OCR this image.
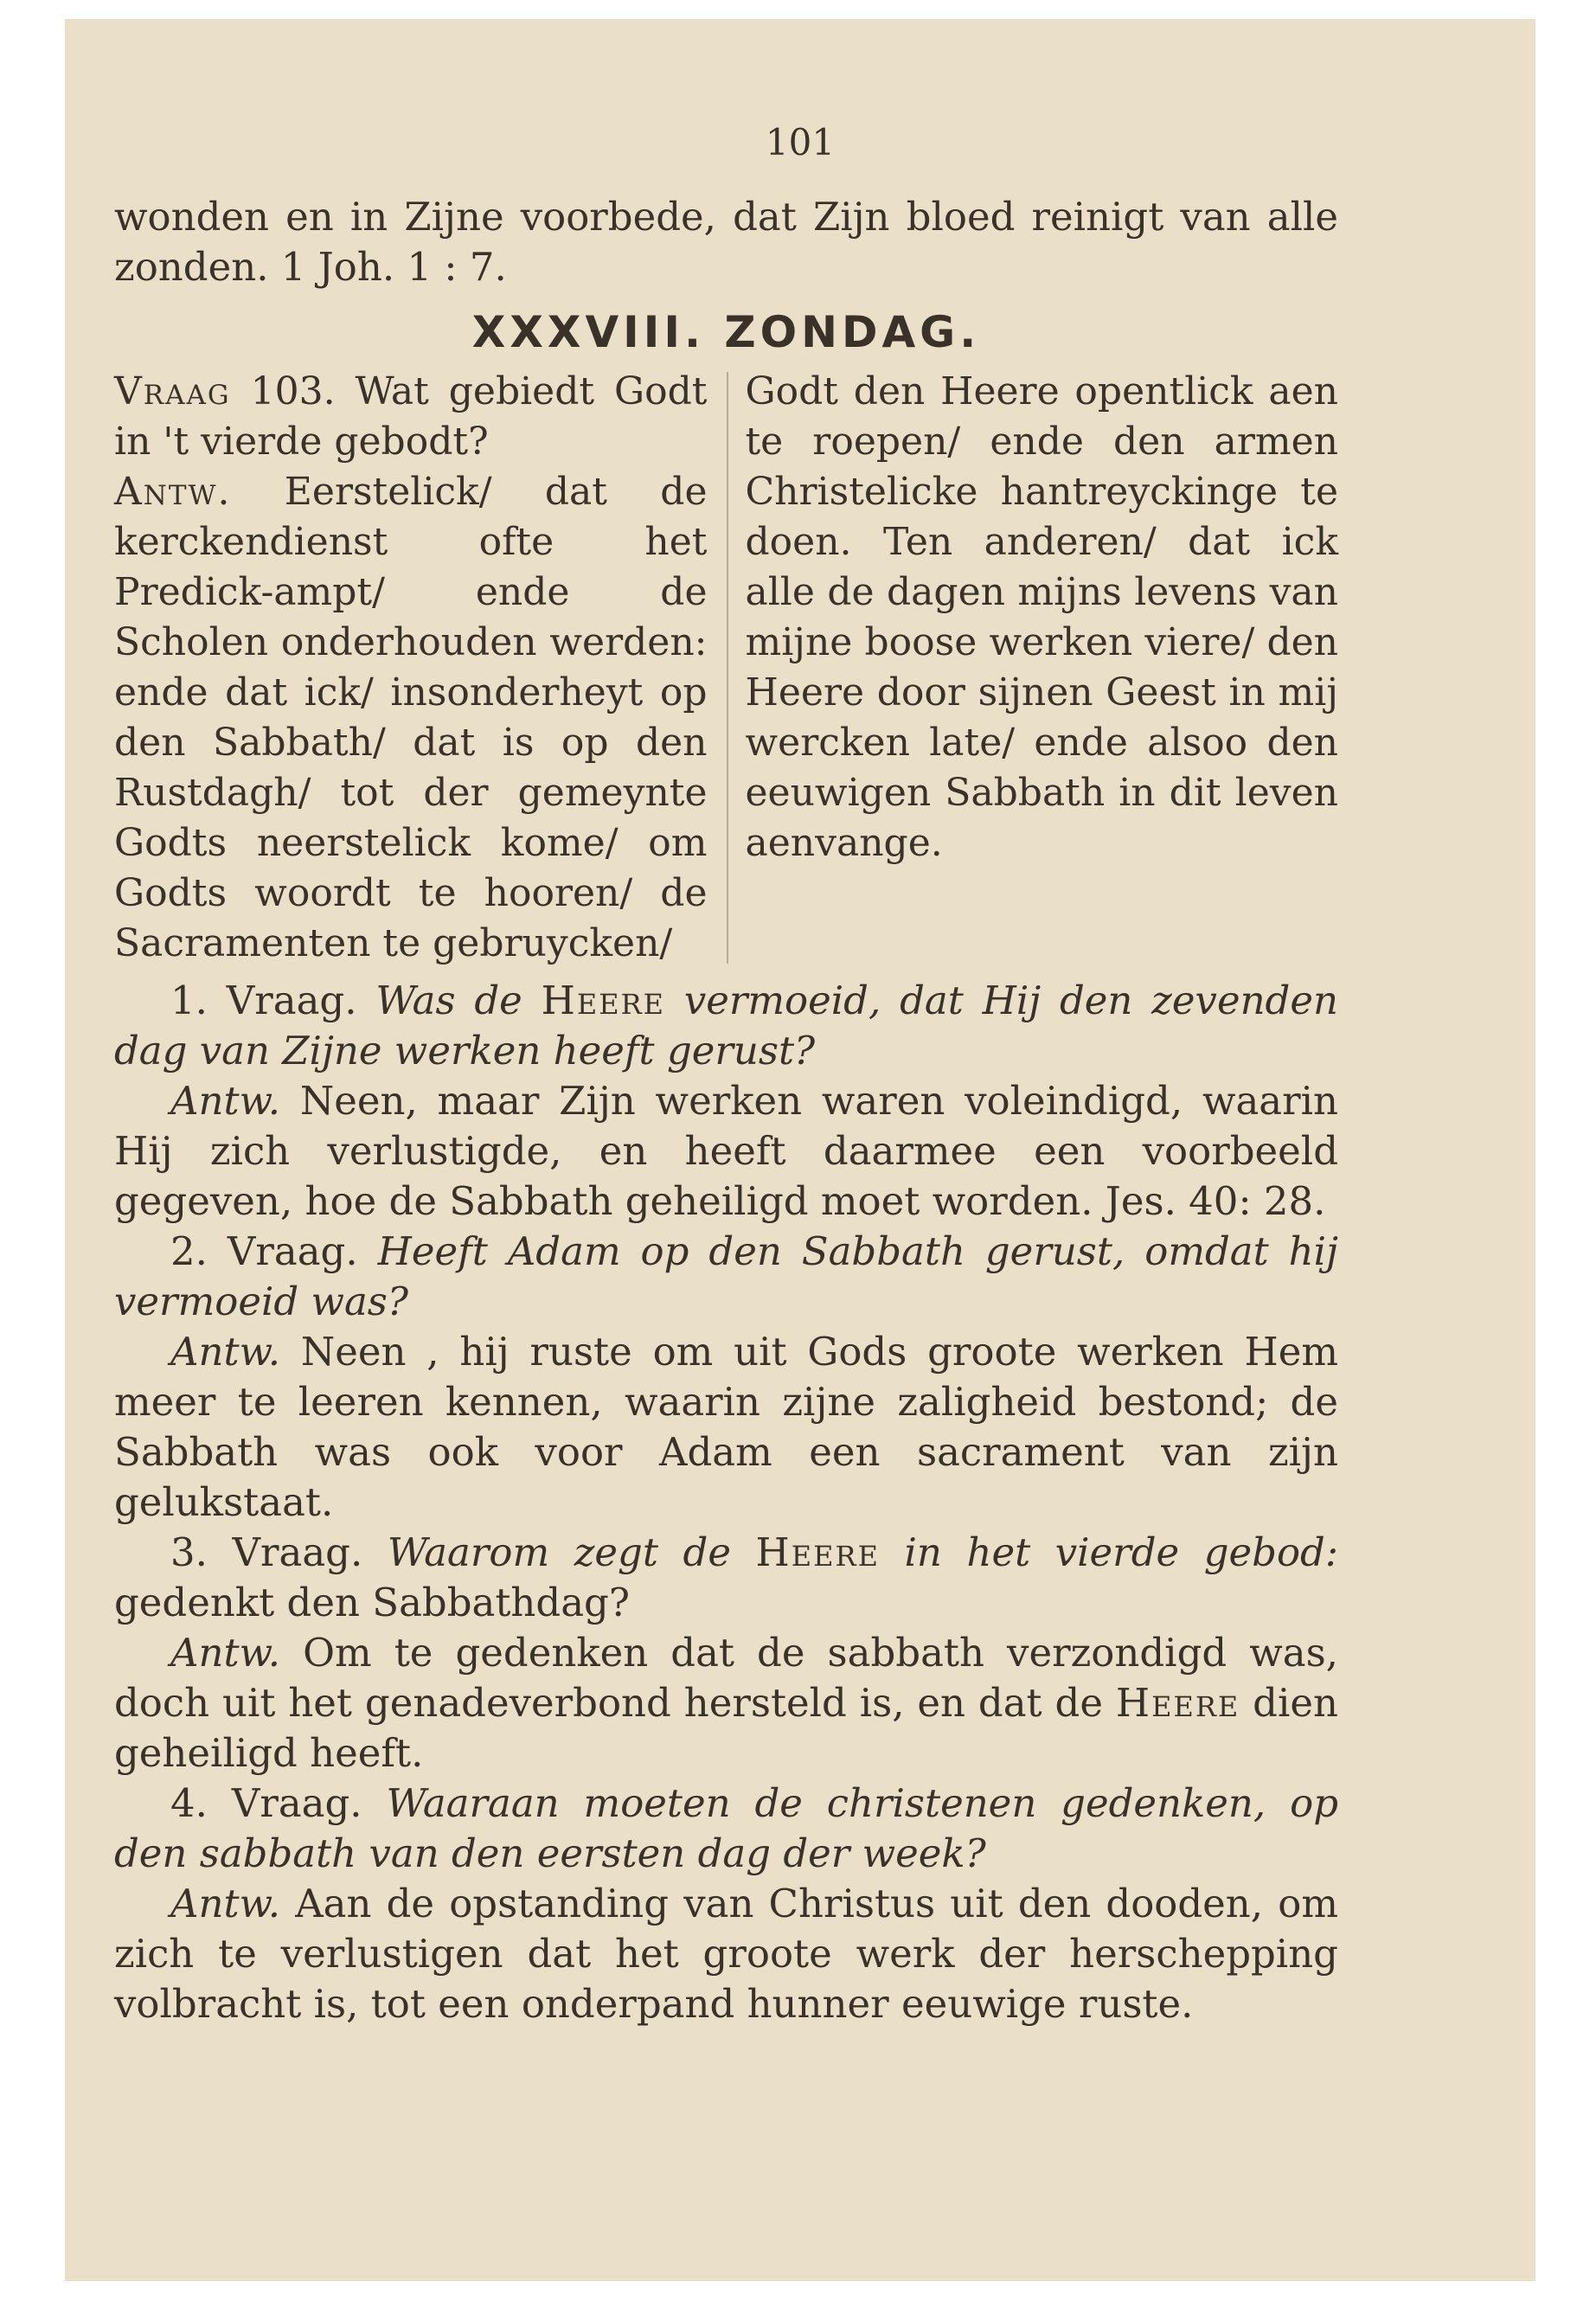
101

wonden en in Zijne voorbede, dat Zijn bloed reinigt van alle zonden. 1 Joh. 1 : 7.

XXXVIII. ZONDAG.

Vraag 103. Wat gebiedt Godt in 't vierde gebodt?

Antw. Eerstelick/ dat de kerckendienst ofte het Predick-ampt/ ende de Scholen onderhouden werden: ende dat ick/ insonderheyt op den Sabbath/ dat is op den Rustdagh/ tot der gemeynte Godts neerstelick kome/ om Godts woordt te hooren/ de Sacramenten te gebruycken/

Godt den Heere opentlick aen te roepen/ ende den armen Christelicke hantreyckinge te doen. Ten anderen/ dat ick alle de dagen mijns levens van mijne boose werken viere/ den Heere door sijnen Geest in mij wercken late/ ende alsoo den eeuwigen Sabbath in dit leven aenvange.

1. Vraag. Was de Heere vermoeid, dat Hij den zevenden dag van Zijne werken heeft gerust?

Antw. Neen, maar Zijn werken waren voleindigd, waarin Hij zich verlustigde, en heeft daarmee een voorbeeld gegeven, hoe de Sabbath geheiligd moet worden. Jes. 40: 28.

2. Vraag. Heeft Adam op den Sabbath gerust, omdat hij vermoeid was?

Antw. Neen , hij ruste om uit Gods groote werken Hem meer te leeren kennen, waarin zijne zaligheid bestond; de Sabbath was ook voor Adam een sacrament van zijn gelukstaat.

3. Vraag. Waarom zegt de Heere in het vierde gebod: gedenkt den Sabbathdag?

Antw. Om te gedenken dat de sabbath verzondigd was, doch uit het genadeverbond hersteld is, en dat de Heere dien geheiligd heeft.

4. Vraag. Waaraan moeten de christenen gedenken, op den sabbath van den eersten dag der week?

Antw. Aan de opstanding van Christus uit den dooden, om zich te verlustigen dat het groote werk der herschepping volbracht is, tot een onderpand hunner eeuwige ruste.
